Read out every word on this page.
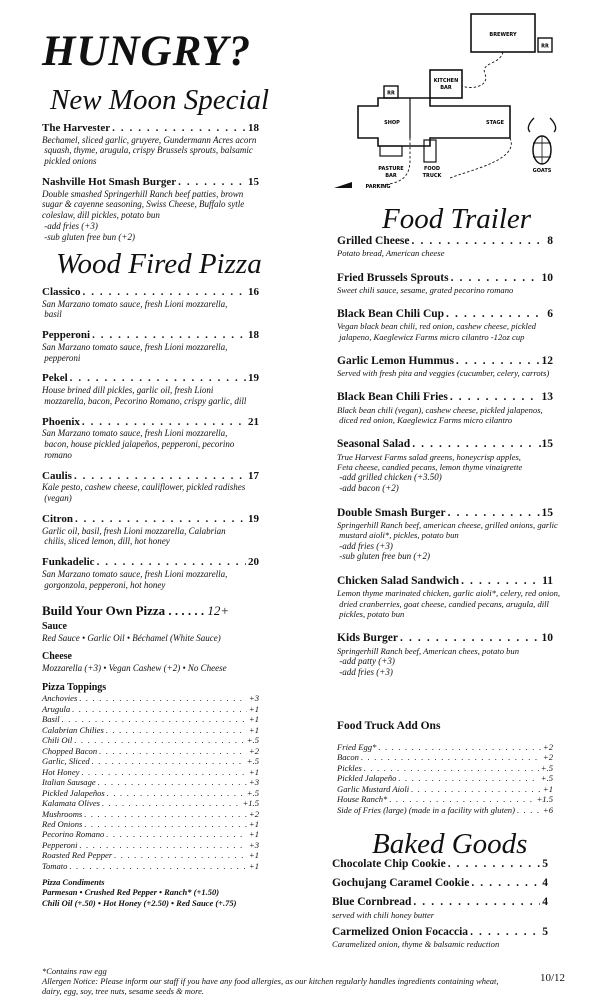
HUNGRY?	BREWERY
RR
KITCHEN
BAR
RR
SHOP	STAGE
PASTURE
BAR
FOOD
TRUCK
PARKING
GOATS
New Moon Special
The Harvester . . .	18
Bechamel, sliced garlic, gruyere, Gundermann Acres acorn
squash, thyme, arugula, crispy Brussels sprouts, balsamic
pickled onions
Nashville Hot Smash Burger . . .	15
Double smashed Springerhill Ranch beef patties, brown
sugar & cayenne seasoning, Swiss Cheese, Buffalo sytle
coleslaw, dill pickles, potato bun
-add fries (+3)
-sub gluten free bun (+2)
Wood Fired Pizza
Classico . . .	16
San Marzano tomato sauce, fresh Lioni mozzarella,
basil
Pepperoni . . .	18
San Marzano tomato sauce, fresh Lioni mozzarella,
pepperoni
Pekel . . .	19
House brined dill pickles, garlic oil, fresh Lioni
mozzarella, bacon, Pecorino Romano, crispy garlic, dill
Phoenix . . .	21
San Marzano tomato sauce, fresh Lioni mozzarella,
bacon, house pickled jalapeños, pepperoni, pecorino
romano
Caulis . . .	17
Kale pesto, cashew cheese, cauliflower, pickled radishes
(vegan)
Citron . . .	19
Garlic oil, basil, fresh Lioni mozzarella, Calabrian
chilis, sliced lemon, dill, hot honey
Funkadelic . . .	20
San Marzano tomato sauce, fresh Lioni mozzarella,
gorgonzola, pepperoni, hot honey
Build Your Own Pizza
. . . . . .
12+
Sauce
Red Sauce • Garlic Oil • Béchamel (White Sauce)
Cheese
Mozzarella (+3) • Vegan Cashew (+2) • No Cheese
Pizza Toppings
Anchovies . . .	+3
Arugula . . .	+1
Basil . . .	+1
Calabrian Chilies . . .	+1
Chili Oil . . .	+.5
Chopped Bacon . . .	+2
Garlic, Sliced . . .	+.5
Hot Honey . . .	+1
Italian Sausage . . .	+3
Pickled Jalapeños . . .	+.5
Kalamata Olives . . .	+1.5
Mushrooms . . .	+2
Red Onions . . .	+1
Pecorino Romano . . .	+1
Pepperoni . . .	+3
Roasted Red Pepper . . .	+1
Tomato . . .	+1
Pizza Condiments
Parmesan • Crushed Red Pepper • Ranch* (+1.50)
Chili Oil (+.50) • Hot Honey (+2.50) • Red Sauce (+.75)
Food Trailer
Grilled Cheese . . .	8
Potato bread, American cheese
Fried Brussels Sprouts . . .	10
Sweet chili sauce, sesame, grated pecorino romano
Black Bean Chili Cup . . .	6
Vegan black bean chili, red onion, cashew cheese, pickled
jalapeno, Kaeglewicz Farms micro cilantro -12oz cup
Garlic Lemon Hummus . . .	12
Served with fresh pita and veggies (cucumber, celery, carrots)
Black Bean Chili Fries . . .	13
Black bean chili (vegan), cashew cheese, pickled jalapenos,
diced red onion, Kaeglewicz Farms micro cilantro
Seasonal Salad . . .	.15
True Harvest Farms salad greens, honeycrisp apples,
Feta cheese, candied pecans, lemon thyme vinaigrette
-add grilled chicken (+3.50)
-add bacon (+2)
Double Smash Burger . . .	15
Springerhill Ranch beef, american cheese, grilled onions, garlic
mustard aioli*, pickles, potato bun
-add fries (+3)
-sub gluten free bun (+2)
Chicken Salad Sandwich . . .	11
Lemon thyme marinated chicken, garlic aioli*, celery, red onion,
dried cranberries, goat cheese, candied pecans, arugula, dill
pickles, potato bun
Kids Burger . . .	10
Springerhill Ranch beef, American chees, potato bun
-add patty (+3)
-add fries (+3)
Food Truck Add Ons
Fried Egg* . . .	+2
Bacon . . .	+2
Pickles . . .	+.5
Pickled Jalapeño . . .	+.5
Garlic Mustard Aioli . . .	+1
House Ranch* . . .	+1.5
Side of Fries (large) (made in a facility with gluten) . . .	+6
Baked Goods
Chocolate Chip Cookie . . .	5
Gochujang Caramel Cookie . . .	4
Blue Cornbread . . .	4
served with chili honey butter
Carmelized Onion Focaccia . . .	5
Caramelized onion, thyme & balsamic reduction
*Contains raw egg
Allergen Notice: Please inform our staff if you have any food allergies, as our kitchen regularly handles ingredients containing wheat, dairy, egg, soy, tree nuts, sesame seeds & more.
10/12
